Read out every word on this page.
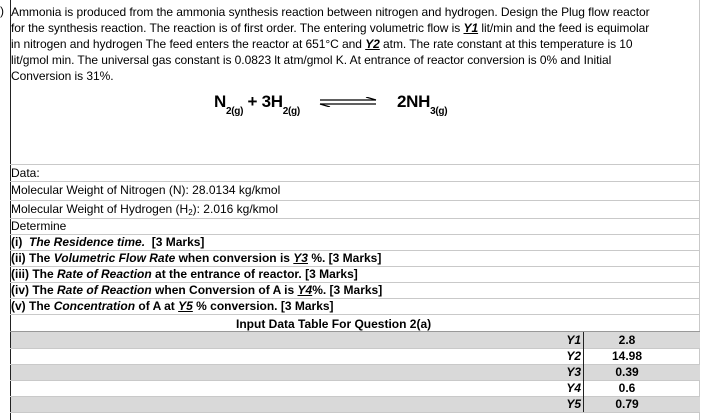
) Ammonia is produced from the ammonia synthesis reaction between nitrogen and hydrogen. Design the Plug flow reactor for the synthesis reaction. The reaction is of first order. The entering volumetric flow is Y1 lit/min and the feed is equimolar in nitrogen and hydrogen The feed enters the reactor at 651°C and Y2 atm. The rate constant at this temperature is 10 lit/gmol min. The universal gas constant is 0.0823 lt atm/gmol K. At entrance of reactor conversion is 0% and Initial Conversion is 31%.
$N_{2(g)} + 3H_{2(g)}$
$2NH_{3(g)}$
Data:
Molecular Weight of Nitrogen (N): 28.0134 kg/kmol
Molecular Weight of Hydrogen $(H_2)$: 2.016 kg/kmol
Determine
(i) The Residence time. [3 Marks]
(ii) The Volumetric Flow Rate when conversion is Y3 %. [3 Marks]
(iii) The Rate of Reaction at the entrance of reactor. [3 Marks]
(iv) The Rate of Reaction when Conversion of A is Y4%. [3 Marks]
(v) The Concentration of A at Y5 % conversion. [3 Marks]
Input Data Table For Question 2(a)
Y1	2.8
Y2	14.98
Y3	0.39
Y4	0.6
Y5	0.79
